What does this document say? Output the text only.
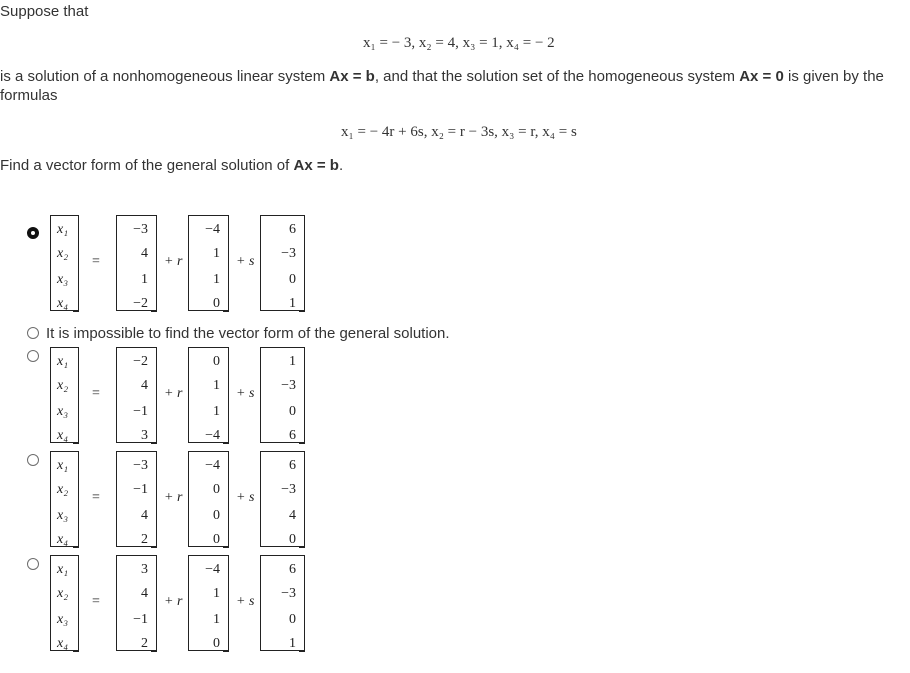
Suppose that
x₁ = − 3, x₂ = 4, x₃ = 1, x₄ = − 2
is a solution of a nonhomogeneous linear system Ax = b, and that the solution set of the homogeneous system Ax = 0 is given by the formulas
x₁ = − 4r + 6s, x₂ = r − 3s, x₃ = r, x₄ = s
Find a vector form of the general solution of Ax = b.
x₁
x₂
x₃
x₄
=
−3
4
1
−2
+ r
−4
1
1
0
+ s
6
−3
0
1
It is impossible to find the vector form of the general solution.
x₁
x₂
x₃
x₄
=
−2
4
−1
3
+ r
0
1
1
−4
+ s
1
−3
0
6
x₁
x₂
x₃
x₄
=
−3
−1
4
2
+ r
−4
0
0
0
+ s
6
−3
4
0
x₁
x₂
x₃
x₄
=
3
4
−1
2
+ r
−4
1
1
0
+ s
6
−3
0
1
